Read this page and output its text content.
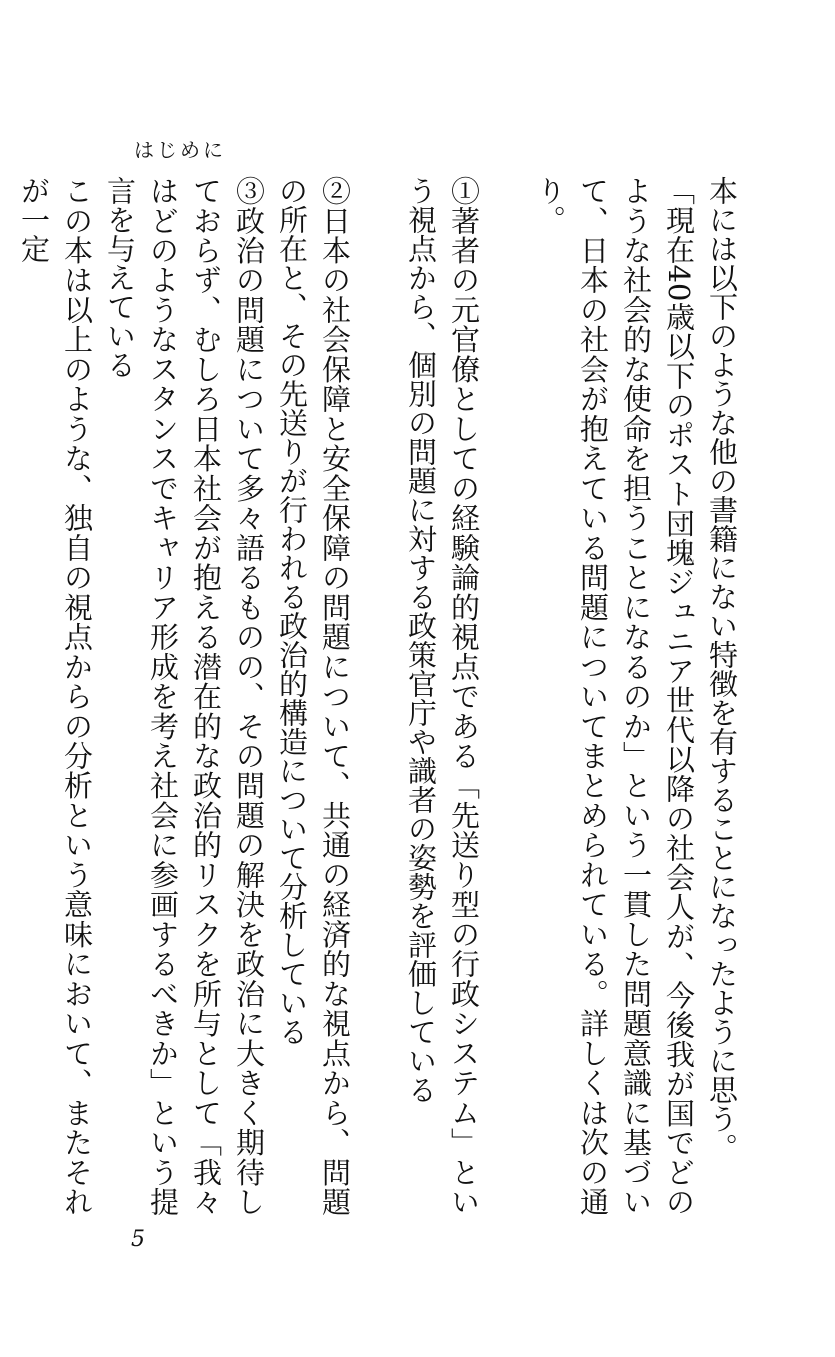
はじめに

本には以下のような他の書籍にない特徴を有することになったように思う。

「現在40歳以下のポスト団塊ジュニア世代以降の社会人が、今後我が国でどのような社会的な使命を担うことになるのか」という一貫した問題意識に基づいて、日本の社会が抱えている問題についてまとめられている。詳しくは次の通り。

①著者の元官僚としての経験論的視点である「先送り型の行政システム」という視点から、個別の問題に対する政策官庁や識者の姿勢を評価している

②日本の社会保障と安全保障の問題について、共通の経済的な視点から、問題の所在と、その先送りが行われる政治的構造について分析している

③政治の問題について多々語るものの、その問題の解決を政治に大きく期待しておらず、むしろ日本社会が抱える潜在的な政治的リスクを所与として「我々はどのようなスタンスでキャリア形成を考え社会に参画するべきか」という提言を与えている

この本は以上のような、独自の視点からの分析という意味において、またそれが一定

5
